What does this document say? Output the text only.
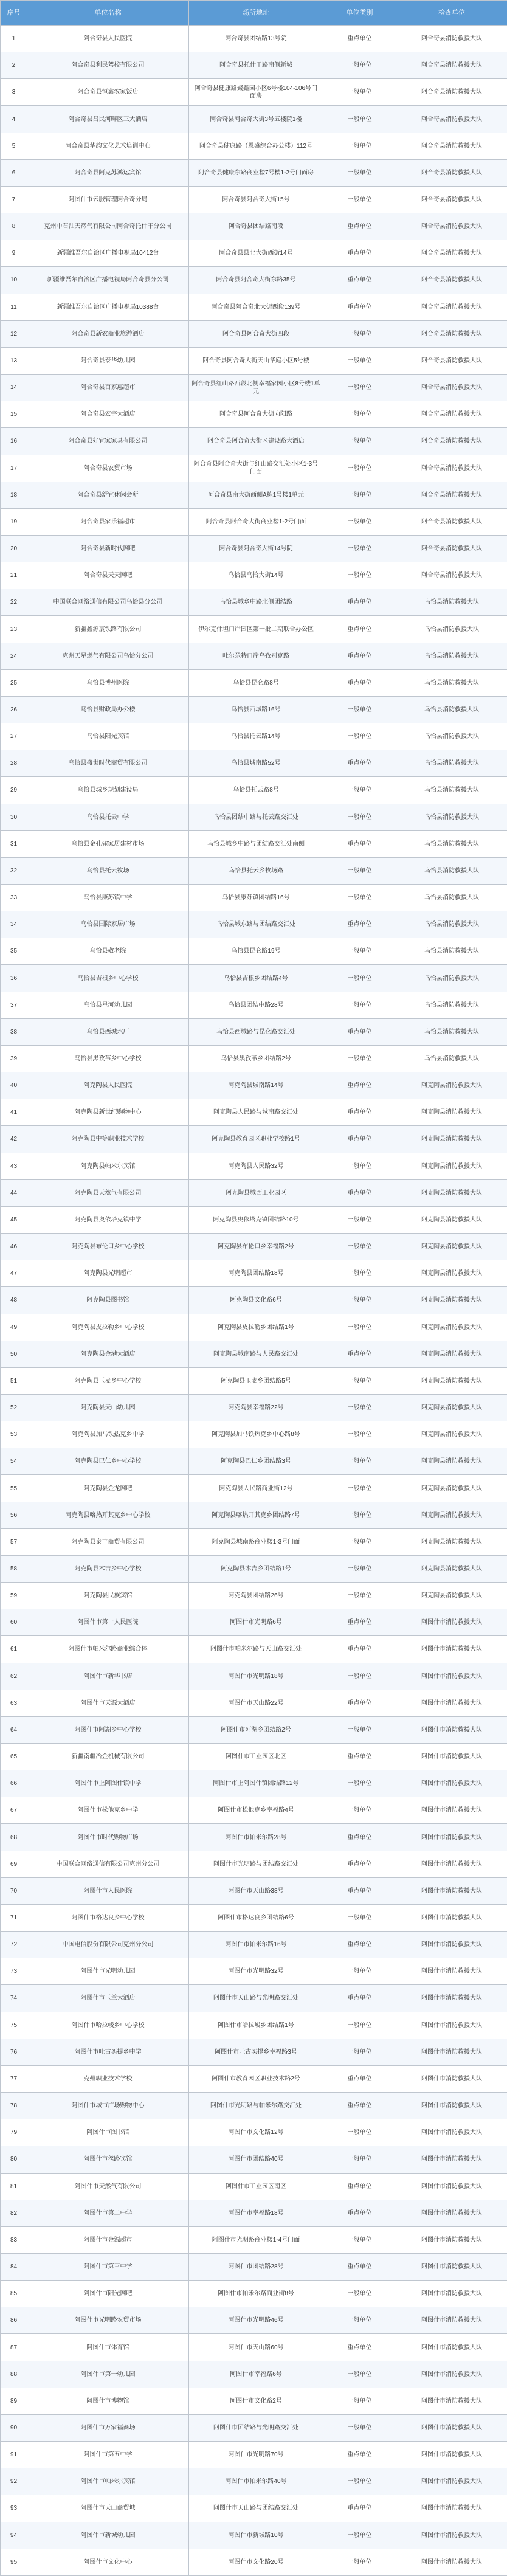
序号	单位名称	场所地址	单位类别	检查单位
1	阿合奇县人民医院	阿合奇县团结路13号院	重点单位	阿合奇县消防救援大队
2	阿合奇县利民驾校有限公司	阿合奇县托什干路南侧新城	一般单位	阿合奇县消防救援大队
3	阿合奇县恒鑫农家饭店	阿合奇县健康路聚鑫园小区6号楼104-106号门面房	一般单位	阿合奇县消防救援大队
4	阿合奇县昌民河畔区三大酒店	阿合奇县阿合奇大街3号五楼院1楼	一般单位	阿合奇县消防救援大队
5	阿合奇县华韵文化艺术培训中心	阿合奇县健康路（恩盛综合办公楼）112号	一般单位	阿合奇县消防救援大队
6	阿合奇县阿克苏鸿运宾馆	阿合奇县健康东路商业楼7号楼1-2号门面房	一般单位	阿合奇县消防救援大队
7	阿图什市云服管理阿合奇分局	阿合奇县阿合奇大街15号	一般单位	阿合奇县消防救援大队
8	克州中石油天然气有限公司阿合奇托什干分公司	阿合奇县团结路南段	重点单位	阿合奇县消防救援大队
9	新疆维吾尔自治区广播电视局10412台	阿合奇县县北大街西街14号	重点单位	阿合奇县消防救援大队
10	新疆维吾尔自治区广播电视局阿合奇县分公司	阿合奇县阿合奇大街东路35号	重点单位	阿合奇县消防救援大队
11	新疆维吾尔自治区广播电视局10388台	阿合奇县阿合奇北大街西段139号	重点单位	阿合奇县消防救援大队
12	阿合奇县新农商业旅游酒店	阿合奇县阿合奇大街四段	一般单位	阿合奇县消防救援大队
13	阿合奇县泰华幼儿园	阿合奇县阿合奇大街天山华庭小区5号楼	一般单位	阿合奇县消防救援大队
14	阿合奇县百家惠超市	阿合奇县红山路西段北侧幸福家园小区8号楼1单元	一般单位	阿合奇县消防救援大队
15	阿合奇县宏宇大酒店	阿合奇县阿合奇大街向阳路	一般单位	阿合奇县消防救援大队
16	阿合奇县好宜家家具有限公司	阿合奇县阿合奇大街区建设路大酒店	一般单位	阿合奇县消防救援大队
17	阿合奇县农贸市场	阿合奇县阿合奇大街与红山路交汇处小区1-3号门面	一般单位	阿合奇县消防救援大队
18	阿合奇县舒宜休闲会所	阿合奇县南大街西侧A栋1号楼1单元	一般单位	阿合奇县消防救援大队
19	阿合奇县家乐福超市	阿合奇县阿合奇大街商业楼1-2号门面	一般单位	阿合奇县消防救援大队
20	阿合奇县新时代网吧	阿合奇县阿合奇大街14号院	一般单位	阿合奇县消防救援大队
21	阿合奇县天天网吧	乌恰县乌恰大街14号	一般单位	阿合奇县消防救援大队
22	中国联合网络通信有限公司乌恰县分公司	乌恰县城乡中路北侧团结路	重点单位	乌恰县消防救援大队
23	新疆鑫源宸铁路有限公司	伊尔克什坦口岸园区第一批二期联合办公区	重点单位	乌恰县消防救援大队
24	克州天星燃气有限公司乌恰分公司	吐尔尕特口岸乌孜别克路	重点单位	乌恰县消防救援大队
25	乌恰县博州医院	乌恰县昆仑路8号	重点单位	乌恰县消防救援大队
26	乌恰县财政局办公楼	乌恰县西城路16号	一般单位	乌恰县消防救援大队
27	乌恰县阳光宾馆	乌恰县托云路14号	一般单位	乌恰县消防救援大队
28	乌恰县盛世时代商贸有限公司	乌恰县城南路52号	重点单位	乌恰县消防救援大队
29	乌恰县城乡规划建设局	乌恰县托云路8号	一般单位	乌恰县消防救援大队
30	乌恰县托云中学	乌恰县团结中路与托云路交汇处	一般单位	乌恰县消防救援大队
31	乌恰县金孔雀家居建材市场	乌恰县城乡中路与团结路交汇处南侧	重点单位	乌恰县消防救援大队
32	乌恰县托云牧场	乌恰县托云乡牧场路	一般单位	乌恰县消防救援大队
33	乌恰县康苏镇中学	乌恰县康苏镇团结路16号	一般单位	乌恰县消防救援大队
34	乌恰县国际家居广场	乌恰县城东路与团结路交汇处	重点单位	乌恰县消防救援大队
35	乌恰县敬老院	乌恰县昆仑路19号	一般单位	乌恰县消防救援大队
36	乌恰县吉根乡中心学校	乌恰县吉根乡团结路4号	一般单位	乌恰县消防救援大队
37	乌恰县星河幼儿园	乌恰县团结中路28号	一般单位	乌恰县消防救援大队
38	乌恰县西城水厂	乌恰县西城路与昆仑路交汇处	重点单位	乌恰县消防救援大队
39	乌恰县黑孜苇乡中心学校	乌恰县黑孜苇乡团结路2号	一般单位	乌恰县消防救援大队
40	阿克陶县人民医院	阿克陶县城南路14号	重点单位	阿克陶县消防救援大队
41	阿克陶县新世纪购物中心	阿克陶县人民路与城南路交汇处	重点单位	阿克陶县消防救援大队
42	阿克陶县中等职业技术学校	阿克陶县教育园区职业学校路1号	重点单位	阿克陶县消防救援大队
43	阿克陶县帕米尔宾馆	阿克陶县人民路32号	一般单位	阿克陶县消防救援大队
44	阿克陶县天然气有限公司	阿克陶县城西工业园区	重点单位	阿克陶县消防救援大队
45	阿克陶县奥依塔克镇中学	阿克陶县奥依塔克镇团结路10号	一般单位	阿克陶县消防救援大队
46	阿克陶县布伦口乡中心学校	阿克陶县布伦口乡幸福路2号	一般单位	阿克陶县消防救援大队
47	阿克陶县光明超市	阿克陶县团结路18号	一般单位	阿克陶县消防救援大队
48	阿克陶县图书馆	阿克陶县文化路6号	一般单位	阿克陶县消防救援大队
49	阿克陶县皮拉勒乡中心学校	阿克陶县皮拉勒乡团结路1号	一般单位	阿克陶县消防救援大队
50	阿克陶县金港大酒店	阿克陶县城南路与人民路交汇处	重点单位	阿克陶县消防救援大队
51	阿克陶县玉麦乡中心学校	阿克陶县玉麦乡团结路5号	一般单位	阿克陶县消防救援大队
52	阿克陶县天山幼儿园	阿克陶县幸福路22号	一般单位	阿克陶县消防救援大队
53	阿克陶县加马铁热克乡中学	阿克陶县加马铁热克乡中心路8号	一般单位	阿克陶县消防救援大队
54	阿克陶县巴仁乡中心学校	阿克陶县巴仁乡团结路3号	一般单位	阿克陶县消防救援大队
55	阿克陶县金龙网吧	阿克陶县人民路商业街12号	一般单位	阿克陶县消防救援大队
56	阿克陶县喀热开其克乡中心学校	阿克陶县喀热开其克乡团结路7号	一般单位	阿克陶县消防救援大队
57	阿克陶县泰丰商贸有限公司	阿克陶县城南路商业楼1-3号门面	一般单位	阿克陶县消防救援大队
58	阿克陶县木吉乡中心学校	阿克陶县木吉乡团结路1号	一般单位	阿克陶县消防救援大队
59	阿克陶县民族宾馆	阿克陶县团结路26号	一般单位	阿克陶县消防救援大队
60	阿图什市第一人民医院	阿图什市光明路6号	重点单位	阿图什市消防救援大队
61	阿图什市帕米尔路商业综合体	阿图什市帕米尔路与天山路交汇处	重点单位	阿图什市消防救援大队
62	阿图什市新华书店	阿图什市光明路18号	一般单位	阿图什市消防救援大队
63	阿图什市天源大酒店	阿图什市天山路22号	重点单位	阿图什市消防救援大队
64	阿图什市阿湖乡中心学校	阿图什市阿湖乡团结路2号	一般单位	阿图什市消防救援大队
65	新疆南疆冶金机械有限公司	阿图什市工业园区北区	重点单位	阿图什市消防救援大队
66	阿图什市上阿图什镇中学	阿图什市上阿图什镇团结路12号	一般单位	阿图什市消防救援大队
67	阿图什市松他克乡中学	阿图什市松他克乡幸福路4号	一般单位	阿图什市消防救援大队
68	阿图什市时代购物广场	阿图什市帕米尔路28号	重点单位	阿图什市消防救援大队
69	中国联合网络通信有限公司克州分公司	阿图什市光明路与团结路交汇处	重点单位	阿图什市消防救援大队
70	阿图什市人民医院	阿图什市天山路38号	重点单位	阿图什市消防救援大队
71	阿图什市格达良乡中心学校	阿图什市格达良乡团结路6号	一般单位	阿图什市消防救援大队
72	中国电信股份有限公司克州分公司	阿图什市帕米尔路16号	重点单位	阿图什市消防救援大队
73	阿图什市光明幼儿园	阿图什市光明路32号	一般单位	阿图什市消防救援大队
74	阿图什市玉兰大酒店	阿图什市天山路与光明路交汇处	重点单位	阿图什市消防救援大队
75	阿图什市哈拉峻乡中心学校	阿图什市哈拉峻乡团结路1号	一般单位	阿图什市消防救援大队
76	阿图什市吐古买提乡中学	阿图什市吐古买提乡幸福路3号	一般单位	阿图什市消防救援大队
77	克州职业技术学校	阿图什市教育园区职业技术路2号	重点单位	阿图什市消防救援大队
78	阿图什市城市广场购物中心	阿图什市光明路与帕米尔路交汇处	重点单位	阿图什市消防救援大队
79	阿图什市图书馆	阿图什市文化路12号	一般单位	阿图什市消防救援大队
80	阿图什市丝路宾馆	阿图什市团结路40号	一般单位	阿图什市消防救援大队
81	阿图什市天然气有限公司	阿图什市工业园区南区	重点单位	阿图什市消防救援大队
82	阿图什市第二中学	阿图什市幸福路18号	重点单位	阿图什市消防救援大队
83	阿图什市金源超市	阿图什市光明路商业楼1-4号门面	一般单位	阿图什市消防救援大队
84	阿图什市第三中学	阿图什市团结路28号	重点单位	阿图什市消防救援大队
85	阿图什市阳光网吧	阿图什市帕米尔路商业街8号	一般单位	阿图什市消防救援大队
86	阿图什市光明路农贸市场	阿图什市光明路46号	一般单位	阿图什市消防救援大队
87	阿图什市体育馆	阿图什市天山路60号	重点单位	阿图什市消防救援大队
88	阿图什市第一幼儿园	阿图什市幸福路6号	一般单位	阿图什市消防救援大队
89	阿图什市博物馆	阿图什市文化路2号	一般单位	阿图什市消防救援大队
90	阿图什市万家福商场	阿图什市团结路与光明路交汇处	一般单位	阿图什市消防救援大队
91	阿图什市第五中学	阿图什市光明路70号	重点单位	阿图什市消防救援大队
92	阿图什市帕米尔宾馆	阿图什市帕米尔路40号	一般单位	阿图什市消防救援大队
93	阿图什市天山商贸城	阿图什市天山路与团结路交汇处	重点单位	阿图什市消防救援大队
94	阿图什市新城幼儿园	阿图什市新城路10号	一般单位	阿图什市消防救援大队
95	阿图什市文化中心	阿图什市文化路20号	一般单位	阿图什市消防救援大队
